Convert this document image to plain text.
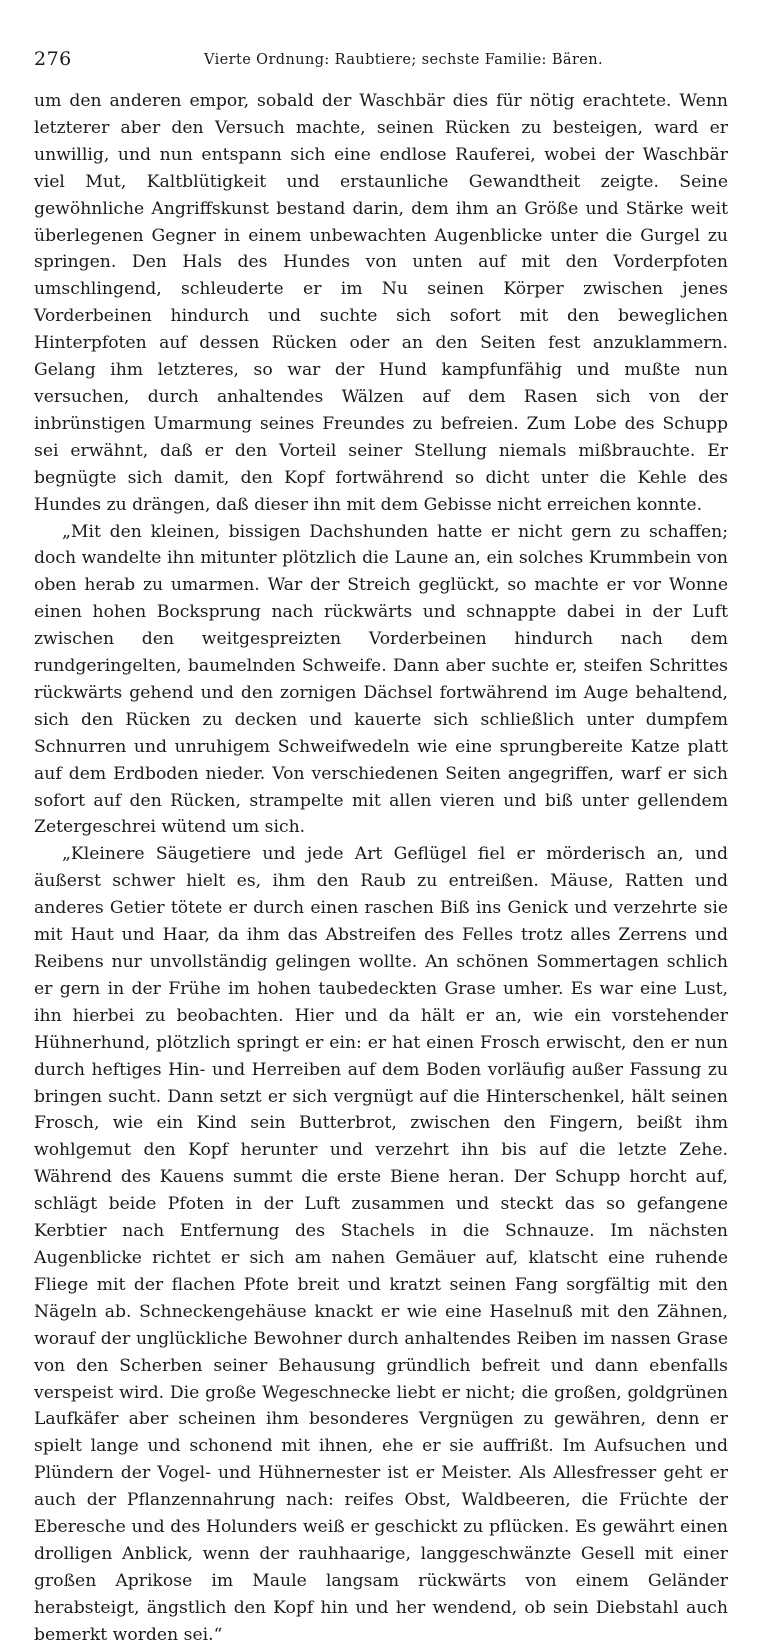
276	Vierte Ordnung: Raubtiere; sechste Familie: Bären.

um den anderen empor, sobald der Waschbär dies für nötig erachtete. Wenn letzterer aber den Versuch machte, seinen Rücken zu besteigen, ward er unwillig, und nun entspann sich eine endlose Rauferei, wobei der Waschbär viel Mut, Kaltblütigkeit und erstaunliche Gewandtheit zeigte. Seine gewöhnliche Angriffskunst bestand darin, dem ihm an Größe und Stärke weit überlegenen Gegner in einem unbewachten Augenblicke unter die Gurgel zu springen. Den Hals des Hundes von unten auf mit den Vorderpfoten umschlingend, schleuderte er im Nu seinen Körper zwischen jenes Vorderbeinen hindurch und suchte sich sofort mit den beweglichen Hinterpfoten auf dessen Rücken oder an den Seiten fest anzuklammern. Gelang ihm letzteres, so war der Hund kampfunfähig und mußte nun versuchen, durch anhaltendes Wälzen auf dem Rasen sich von der inbrünstigen Umarmung seines Freundes zu befreien. Zum Lobe des Schupp sei erwähnt, daß er den Vorteil seiner Stellung niemals mißbrauchte. Er begnügte sich damit, den Kopf fortwährend so dicht unter die Kehle des Hundes zu drängen, daß dieser ihn mit dem Gebisse nicht erreichen konnte.

„Mit den kleinen, bissigen Dachshunden hatte er nicht gern zu schaffen; doch wandelte ihn mitunter plötzlich die Laune an, ein solches Krummbein von oben herab zu umarmen. War der Streich geglückt, so machte er vor Wonne einen hohen Bocksprung nach rückwärts und schnappte dabei in der Luft zwischen den weitgespreizten Vorderbeinen hindurch nach dem rundgeringelten, baumelnden Schweife. Dann aber suchte er, steifen Schrittes rückwärts gehend und den zornigen Dächsel fortwährend im Auge behaltend, sich den Rücken zu decken und kauerte sich schließlich unter dumpfem Schnurren und unruhigem Schweifwedeln wie eine sprungbereite Katze platt auf dem Erdboden nieder. Von verschiedenen Seiten angegriffen, warf er sich sofort auf den Rücken, strampelte mit allen vieren und biß unter gellendem Zetergeschrei wütend um sich.

„Kleinere Säugetiere und jede Art Geflügel fiel er mörderisch an, und äußerst schwer hielt es, ihm den Raub zu entreißen. Mäuse, Ratten und anderes Getier tötete er durch einen raschen Biß ins Genick und verzehrte sie mit Haut und Haar, da ihm das Abstreifen des Felles trotz alles Zerrens und Reibens nur unvollständig gelingen wollte. An schönen Sommertagen schlich er gern in der Frühe im hohen taubedeckten Grase umher. Es war eine Lust, ihn hierbei zu beobachten. Hier und da hält er an, wie ein vorstehender Hühnerhund, plötzlich springt er ein: er hat einen Frosch erwischt, den er nun durch heftiges Hin- und Herreiben auf dem Boden vorläufig außer Fassung zu bringen sucht. Dann setzt er sich vergnügt auf die Hinterschenkel, hält seinen Frosch, wie ein Kind sein Butterbrot, zwischen den Fingern, beißt ihm wohlgemut den Kopf herunter und verzehrt ihn bis auf die letzte Zehe. Während des Kauens summt die erste Biene heran. Der Schupp horcht auf, schlägt beide Pfoten in der Luft zusammen und steckt das so gefangene Kerbtier nach Entfernung des Stachels in die Schnauze. Im nächsten Augenblicke richtet er sich am nahen Gemäuer auf, klatscht eine ruhende Fliege mit der flachen Pfote breit und kratzt seinen Fang sorgfältig mit den Nägeln ab. Schneckengehäuse knackt er wie eine Haselnuß mit den Zähnen, worauf der unglückliche Bewohner durch anhaltendes Reiben im nassen Grase von den Scherben seiner Behausung gründlich befreit und dann ebenfalls verspeist wird. Die große Wegeschnecke liebt er nicht; die großen, goldgrünen Laufkäfer aber scheinen ihm besonderes Vergnügen zu gewähren, denn er spielt lange und schonend mit ihnen, ehe er sie auffrißt. Im Aufsuchen und Plündern der Vogel- und Hühnernester ist er Meister. Als Allesfresser geht er auch der Pflanzennahrung nach: reifes Obst, Waldbeeren, die Früchte der Eberesche und des Holunders weiß er geschickt zu pflücken. Es gewährt einen drolligen Anblick, wenn der rauhhaarige, langgeschwänzte Gesell mit einer großen Aprikose im Maule langsam rückwärts von einem Geländer herabsteigt, ängstlich den Kopf hin und her wendend, ob sein Diebstahl auch bemerkt worden sei.“
